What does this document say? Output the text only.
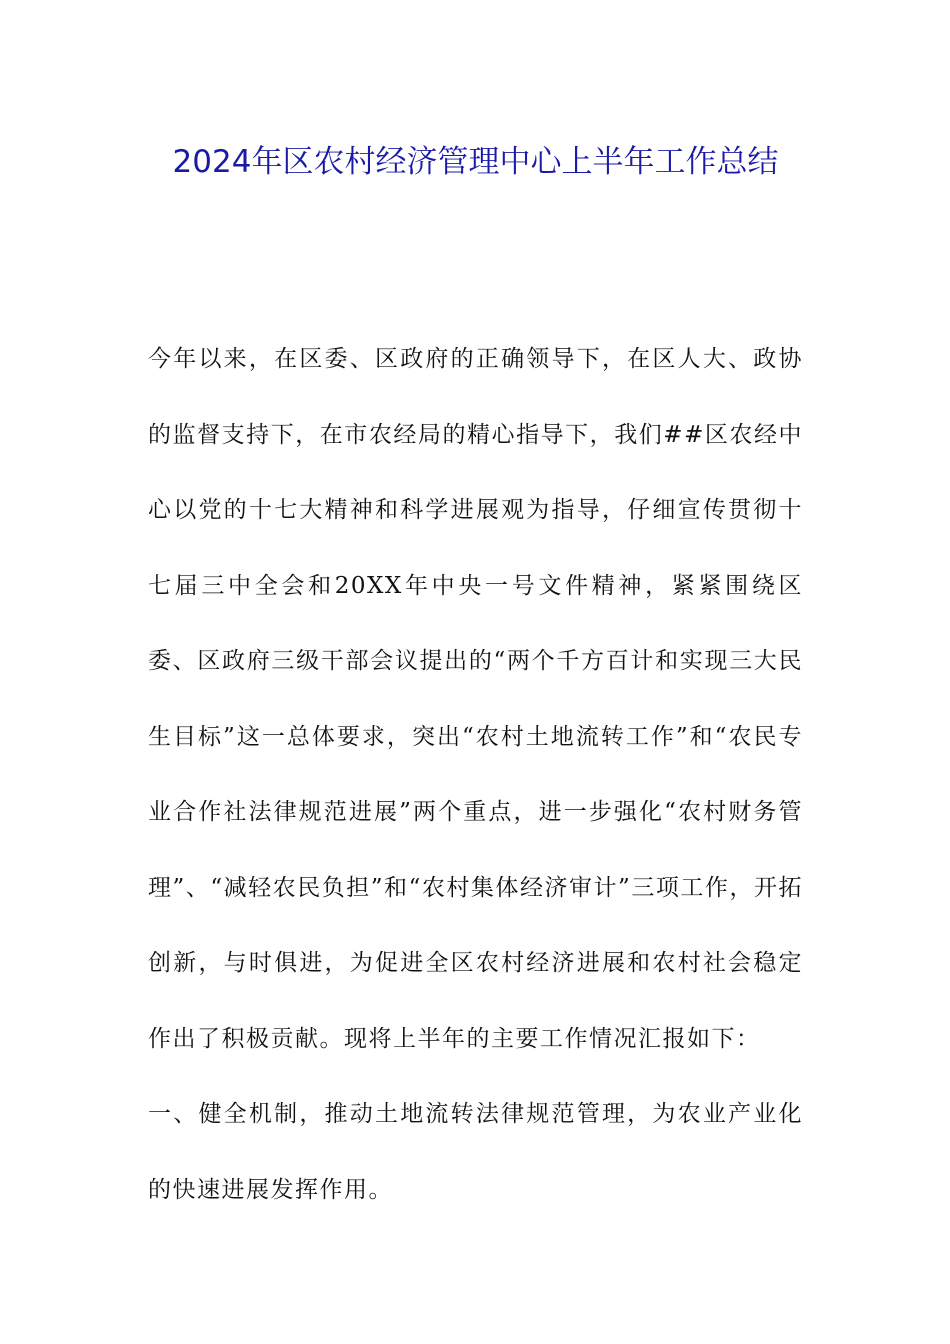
2024年区农村经济管理中心上半年工作总结

今年以来，在区委、区政府的正确领导下，在区人大、政协的监督支持下，在市农经局的精心指导下，我们##区农经中心以党的十七大精神和科学进展观为指导，仔细宣传贯彻十七届三中全会和20XX年中央一号文件精神，紧紧围绕区委、区政府三级干部会议提出的“两个千方百计和实现三大民生目标”这一总体要求，突出“农村土地流转工作”和“农民专业合作社法律规范进展”两个重点，进一步强化“农村财务管理”、“减轻农民负担”和“农村集体经济审计”三项工作，开拓创新，与时俱进，为促进全区农村经济进展和农村社会稳定作出了积极贡献。现将上半年的主要工作情况汇报如下：

一、健全机制，推动土地流转法律规范管理，为农业产业化的快速进展发挥作用。
